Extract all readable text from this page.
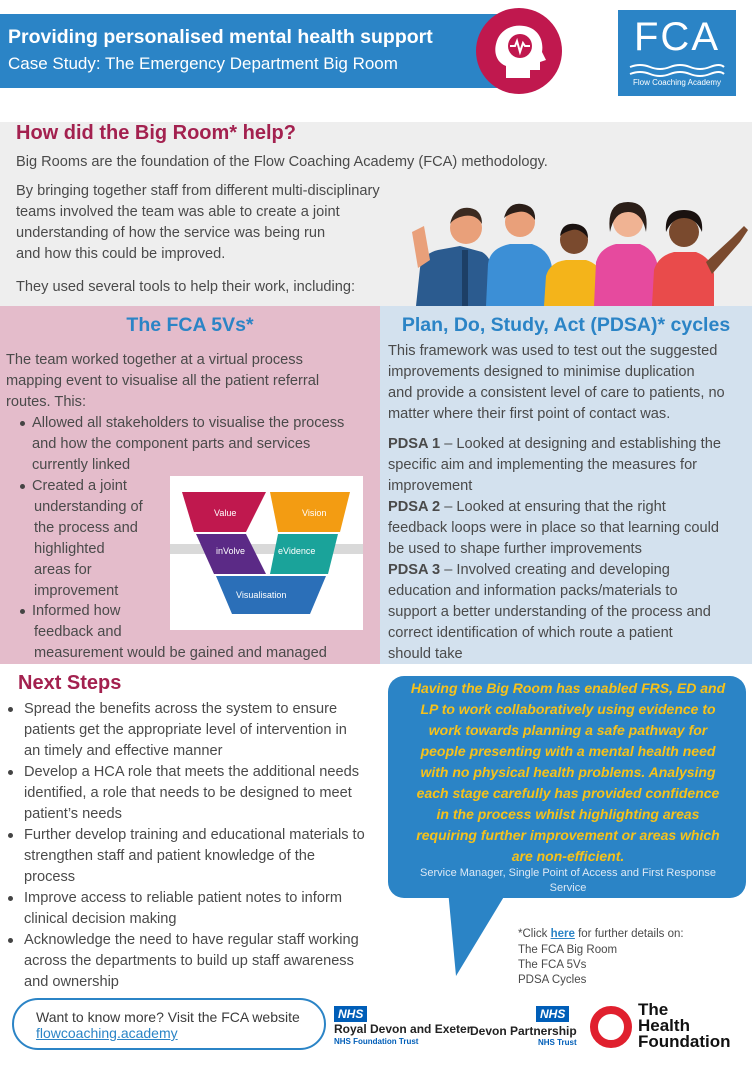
Providing personalised mental health support
Case Study: The Emergency Department Big Room
FCA
Flow Coaching Academy
How did the Big Room* help?
Big Rooms are the foundation of the Flow Coaching Academy (FCA) methodology.
By bringing together staff from different multi-disciplinary
teams involved the team was able to create a joint
understanding of how the service was being run
and how this could be improved.
They used several tools to help their work, including:
The FCA 5Vs*	Plan, Do, Study, Act (PDSA)* cycles
The team worked together at a virtual process
mapping event to visualise all the patient referral
routes. This:
Allowed all stakeholders to visualise the process
and how the component parts and services
currently linked
Created a joint
understanding of
the process and
highlighted
areas for
improvement
Informed how
feedback and
measurement would be gained and managed
Value	Vision
inVolve	eVidence
Visualisation
This framework was used to test out the suggested
improvements designed to minimise duplication
and provide a consistent level of care to patients, no
matter where their first point of contact was.
PDSA 1 – Looked at designing and establishing the
specific aim and implementing the measures for
improvement
PDSA 2 – Looked at ensuring that the right
feedback loops were in place so that learning could
be used to shape further improvements
PDSA 3 – Involved creating and developing
education and information packs/materials to
support a better understanding of the process and
correct identification of which route a patient
should take
Next Steps
Spread the benefits across the system to ensure
patients get the appropriate level of intervention in
an timely and effective manner
Develop a HCA role that meets the additional needs
identified, a role that needs to be designed to meet
patient’s needs
Further develop training and educational materials to
strengthen staff and patient knowledge of the
process
Improve access to reliable patient notes to inform
clinical decision making
Acknowledge the need to have regular staff working
across the departments to build up staff awareness
and ownership
Having the Big Room has enabled FRS, ED and
LP to work collaboratively using evidence to
work towards planning a safe pathway for
people presenting with a mental health need
with no physical health problems. Analysing
each stage carefully has provided confidence
in the process whilst highlighting areas
requiring further improvement or areas which
are non-efficient.
Service Manager, Single Point of Access and First Response
Service
*Click here for further details on:
The FCA Big Room
The FCA 5Vs
PDSA Cycles
Want to know more? Visit the FCA website
flowcoaching.academy
NHS
Royal Devon and Exeter
NHS Foundation Trust
NHS
Devon Partnership
NHS Trust
The
Health
Foundation
